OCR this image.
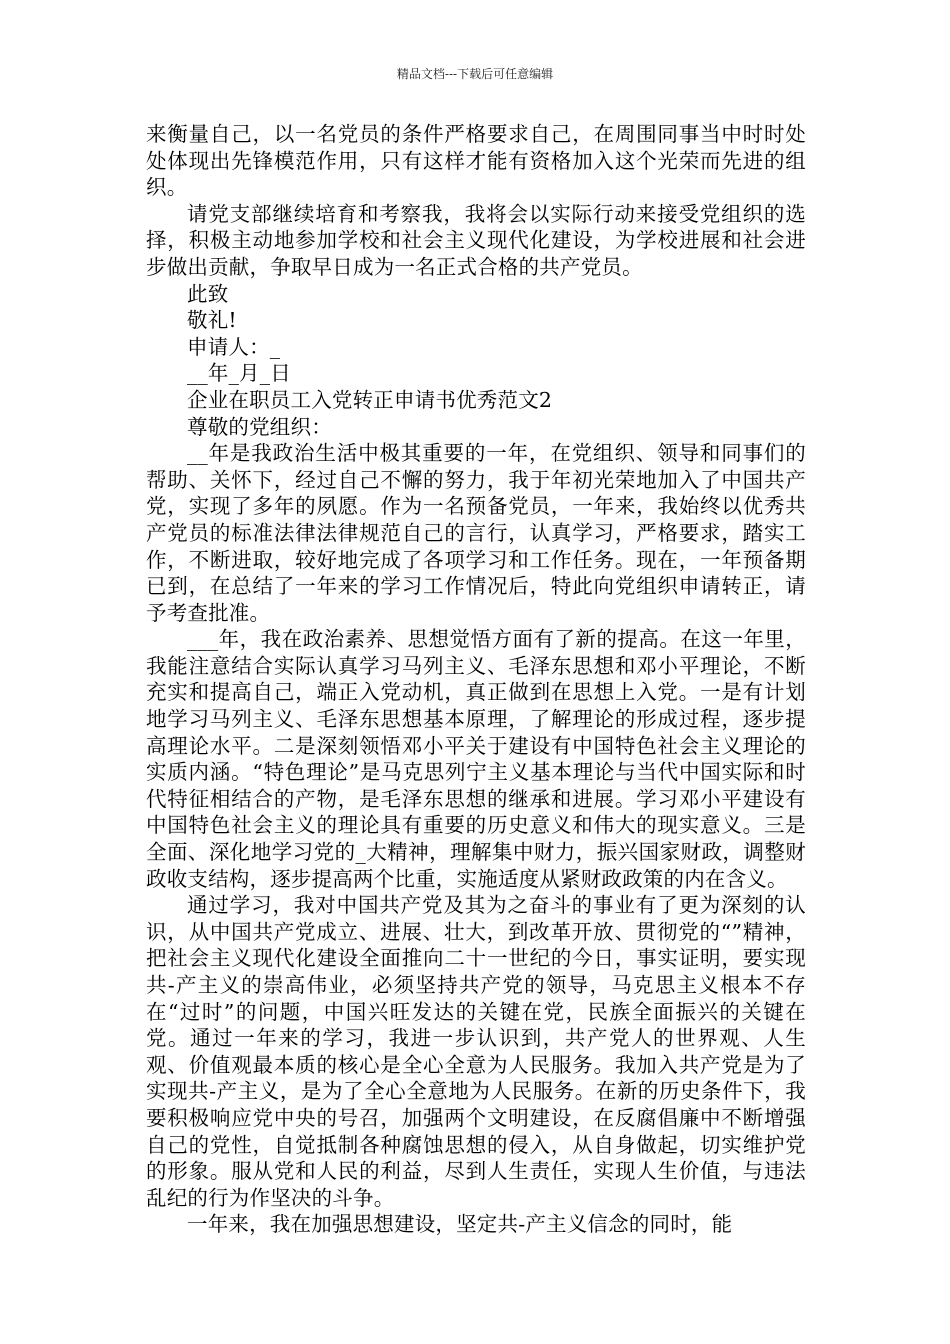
精品文档---下载后可任意编辑

来衡量自己，以一名党员的条件严格要求自己，在周围同事当中时时处处体现出先锋模范作用，只有这样才能有资格加入这个光荣而先进的组织。

请党支部继续培育和考察我，我将会以实际行动来接受党组织的选择，积极主动地参加学校和社会主义现代化建设，为学校进展和社会进步做出贡献，争取早日成为一名正式合格的共产党员。

此致

敬礼!

申请人：_

__年_月_日

企业在职员工入党转正申请书优秀范文2

尊敬的党组织：

__年是我政治生活中极其重要的一年，在党组织、领导和同事们的帮助、关怀下，经过自己不懈的努力，我于年初光荣地加入了中国共产党，实现了多年的夙愿。作为一名预备党员，一年来，我始终以优秀共产党员的标准法律法律规范自己的言行，认真学习，严格要求，踏实工作，不断进取，较好地完成了各项学习和工作任务。现在，一年预备期已到，在总结了一年来的学习工作情况后，特此向党组织申请转正，请予考查批准。

___年，我在政治素养、思想觉悟方面有了新的提高。在这一年里，我能注意结合实际认真学习马列主义、毛泽东思想和邓小平理论，不断充实和提高自己，端正入党动机，真正做到在思想上入党。一是有计划地学习马列主义、毛泽东思想基本原理，了解理论的形成过程，逐步提高理论水平。二是深刻领悟邓小平关于建设有中国特色社会主义理论的实质内涵。“特色理论”是马克思列宁主义基本理论与当代中国实际和时代特征相结合的产物，是毛泽东思想的继承和进展。学习邓小平建设有中国特色社会主义的理论具有重要的历史意义和伟大的现实意义。三是全面、深化地学习党的_大精神，理解集中财力，振兴国家财政，调整财政收支结构，逐步提高两个比重，实施适度从紧财政政策的内在含义。

通过学习，我对中国共产党及其为之奋斗的事业有了更为深刻的认识，从中国共产党成立、进展、壮大，到改革开放、贯彻党的“”精神，把社会主义现代化建设全面推向二十一世纪的今日，事实证明，要实现共-产主义的崇高伟业，必须坚持共产党的领导，马克思主义根本不存在“过时”的问题，中国兴旺发达的关键在党，民族全面振兴的关键在党。通过一年来的学习，我进一步认识到，共产党人的世界观、人生观、价值观最本质的核心是全心全意为人民服务。我加入共产党是为了实现共-产主义，是为了全心全意地为人民服务。在新的历史条件下，我要积极响应党中央的号召，加强两个文明建设，在反腐倡廉中不断增强自己的党性，自觉抵制各种腐蚀思想的侵入，从自身做起，切实维护党的形象。服从党和人民的利益，尽到人生责任，实现人生价值，与违法乱纪的行为作坚决的斗争。

一年来，我在加强思想建设，坚定共-产主义信念的同时，能
